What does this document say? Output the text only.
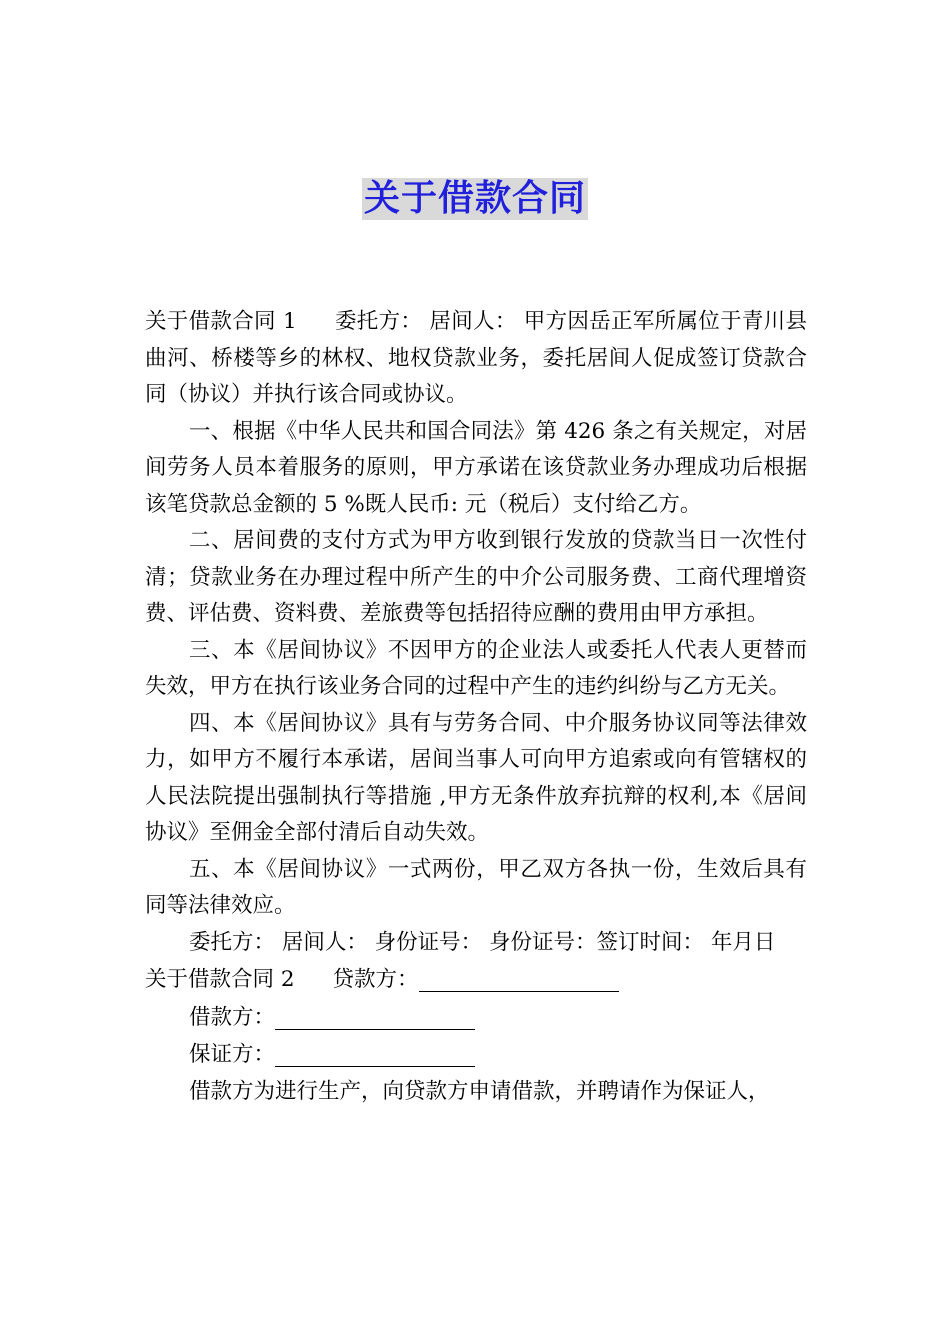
关于借款合同

关于借款合同 1 委托方： 居间人： 甲方因岳正军所属位于青川县曲河、桥楼等乡的林权、地权贷款业务，委托居间人促成签订贷款合同（协议）并执行该合同或协议。

一、根据《中华人民共和国合同法》第 426 条之有关规定，对居间劳务人员本着服务的原则，甲方承诺在该贷款业务办理成功后根据该笔贷款总金额的 5 %既人民币: 元（税后）支付给乙方。

二、居间费的支付方式为甲方收到银行发放的贷款当日一次性付清；贷款业务在办理过程中所产生的中介公司服务费、工商代理增资费、评估费、资料费、差旅费等包括招待应酬的费用由甲方承担。

三、本《居间协议》不因甲方的企业法人或委托人代表人更替而失效，甲方在执行该业务合同的过程中产生的违约纠纷与乙方无关。

四、本《居间协议》具有与劳务合同、中介服务协议同等法律效力，如甲方不履行本承诺，居间当事人可向甲方追索或向有管辖权的人民法院提出强制执行等措施 ,甲方无条件放弃抗辩的权利,本《居间协议》至佣金全部付清后自动失效。

五、本《居间协议》一式两份，甲乙双方各执一份，生效后具有同等法律效应。

委托方： 居间人： 身份证号： 身份证号：签订时间： 年月日

关于借款合同 2 贷款方：

借款方：

保证方：

借款方为进行生产，向贷款方申请借款，并聘请作为保证人，
